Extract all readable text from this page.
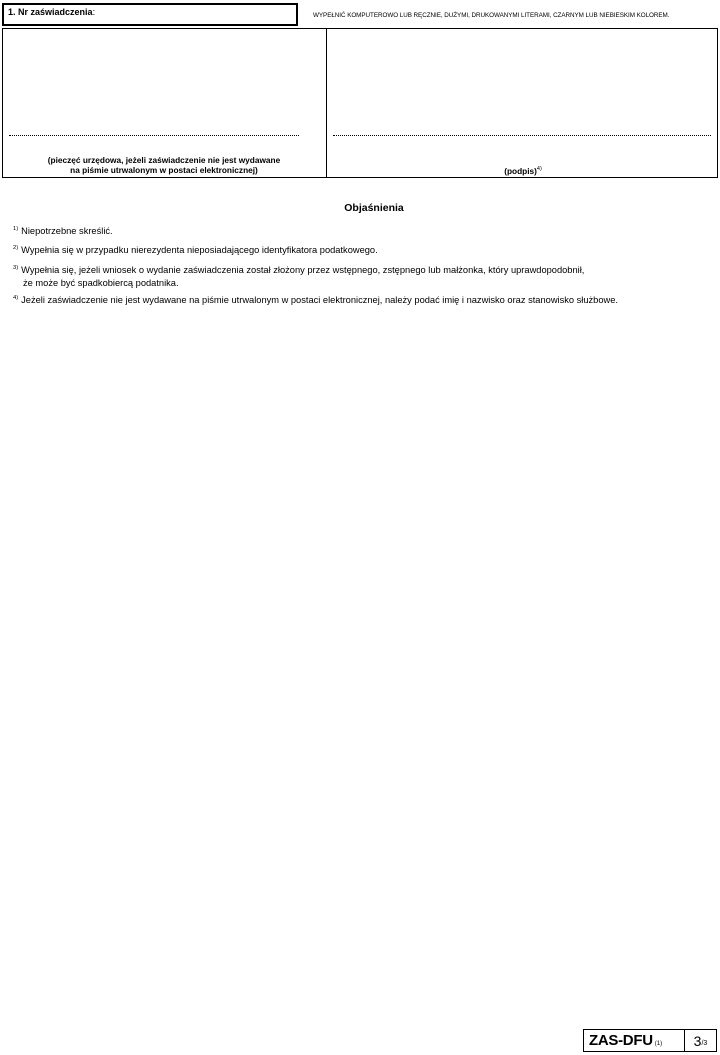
1. Nr zaświadczenia:	WYPEŁNIĆ KOMPUTEROWO LUB RĘCZNIE, DUŻYMI, DRUKOWANYMI LITERAMI, CZARNYM LUB NIEBIESKIM KOLOREM.
(pieczęć urzędowa, jeżeli zaświadczenie nie jest wydawane
na piśmie utrwalonym w postaci elektronicznej)	(podpis)$^{4)}$
Objaśnienia
$^{1)}$ Niepotrzebne skreślić.
$^{2)}$ Wypełnia się w przypadku nierezydenta nieposiadającego identyfikatora podatkowego.
$^{3)}$ Wypełnia się, jeżeli wniosek o wydanie zaświadczenia został złożony przez wstępnego, zstępnego lub małżonka, który uprawdopodobnił,
że może być spadkobiercą podatnika.
$^{4)}$ Jeżeli zaświadczenie nie jest wydawane na piśmie utrwalonym w postaci elektronicznej, należy podać imię i nazwisko oraz stanowisko służbowe.
ZAS-DFU (1) 3 /3
